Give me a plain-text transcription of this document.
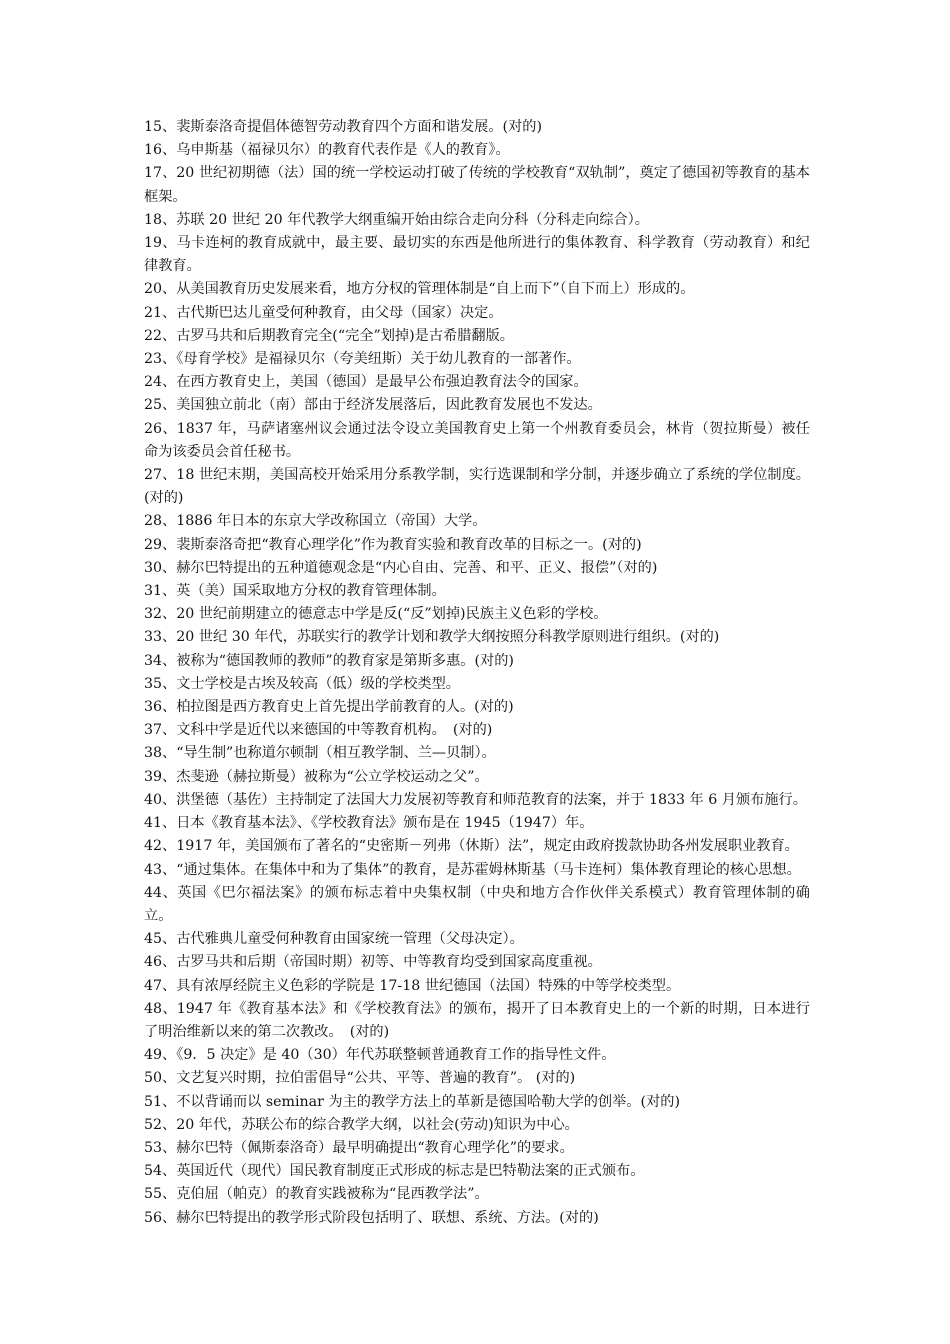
15、裴斯泰洛奇提倡体德智劳动教育四个方面和谐发展。(对的)

16、乌申斯基（福禄贝尔）的教育代表作是《人的教育》。

17、20 世纪初期德（法）国的统一学校运动打破了传统的学校教育“双轨制”，奠定了德国初等教育的基本框架。

18、苏联 20 世纪 20 年代教学大纲重编开始由综合走向分科（分科走向综合）。

19、马卡连柯的教育成就中，最主要、最切实的东西是他所进行的集体教育、科学教育（劳动教育）和纪律教育。

20、从美国教育历史发展来看，地方分权的管理体制是“自上而下”（自下而上）形成的。

21、古代斯巴达儿童受何种教育，由父母（国家）决定。

22、古罗马共和后期教育完全(“完全”划掉)是古希腊翻版。

23、《母育学校》是福禄贝尔（夸美纽斯）关于幼儿教育的一部著作。

24、在西方教育史上，美国（德国）是最早公布强迫教育法令的国家。

25、美国独立前北（南）部由于经济发展落后，因此教育发展也不发达。

26、1837 年，马萨诸塞州议会通过法令设立美国教育史上第一个州教育委员会，林肯（贺拉斯曼）被任命为该委员会首任秘书。

27、18 世纪末期，美国高校开始采用分系教学制，实行选课制和学分制，并逐步确立了系统的学位制度。(对的)

28、1886 年日本的东京大学改称国立（帝国）大学。

29、裴斯泰洛奇把“教育心理学化”作为教育实验和教育改革的目标之一。(对的)

30、赫尔巴特提出的五种道德观念是“内心自由、完善、和平、正义、报偿”（对的)

31、英（美）国采取地方分权的教育管理体制。

32、20 世纪前期建立的德意志中学是反(“反”划掉)民族主义色彩的学校。

33、20 世纪 30 年代，苏联实行的教学计划和教学大纲按照分科教学原则进行组织。(对的)

34、被称为“德国教师的教师”的教育家是第斯多惠。(对的)

35、文士学校是古埃及较高（低）级的学校类型。

36、柏拉图是西方教育史上首先提出学前教育的人。(对的)

37、文科中学是近代以来德国的中等教育机构。　(对的)

38、“导生制”也称道尔顿制（相互教学制、兰—贝制）。

39、杰斐逊（赫拉斯曼）被称为“公立学校运动之父”。

40、洪堡德（基佐）主持制定了法国大力发展初等教育和师范教育的法案，并于 1833 年 6 月颁布施行。

41、日本《教育基本法》、《学校教育法》颁布是在 1945（1947）年。

42、1917 年，美国颁布了著名的“史密斯－列弗（休斯）法”，规定由政府拨款协助各州发展职业教育。

43、“通过集体。在集体中和为了集体”的教育，是苏霍姆林斯基（马卡连柯）集体教育理论的核心思想。

44、英国《巴尔福法案》的颁布标志着中央集权制（中央和地方合作伙伴关系模式）教育管理体制的确立。

45、古代雅典儿童受何种教育由国家统一管理（父母决定）。

46、古罗马共和后期（帝国时期）初等、中等教育均受到国家高度重视。

47、具有浓厚经院主义色彩的学院是 17-18 世纪德国（法国）特殊的中等学校类型。

48、1947 年《教育基本法》和《学校教育法》的颁布，揭开了日本教育史上的一个新的时期，日本进行了明治维新以来的第二次教改。　(对的)

49、《9．5 决定》是 40（30）年代苏联整顿普通教育工作的指导性文件。

50、文艺复兴时期，拉伯雷倡导“公共、平等、普遍的教育”。 (对的)

51、不以背诵而以 seminar 为主的教学方法上的革新是德国哈勒大学的创举。(对的)

52、20 年代，苏联公布的综合教学大纲，以社会(劳动)知识为中心。

53、赫尔巴特（佩斯泰洛奇）最早明确提出“教育心理学化”的要求。

54、英国近代（现代）国民教育制度正式形成的标志是巴特勒法案的正式颁布。

55、克伯屈（帕克）的教育实践被称为“昆西教学法”。

56、赫尔巴特提出的教学形式阶段包括明了、联想、系统、方法。(对的)
